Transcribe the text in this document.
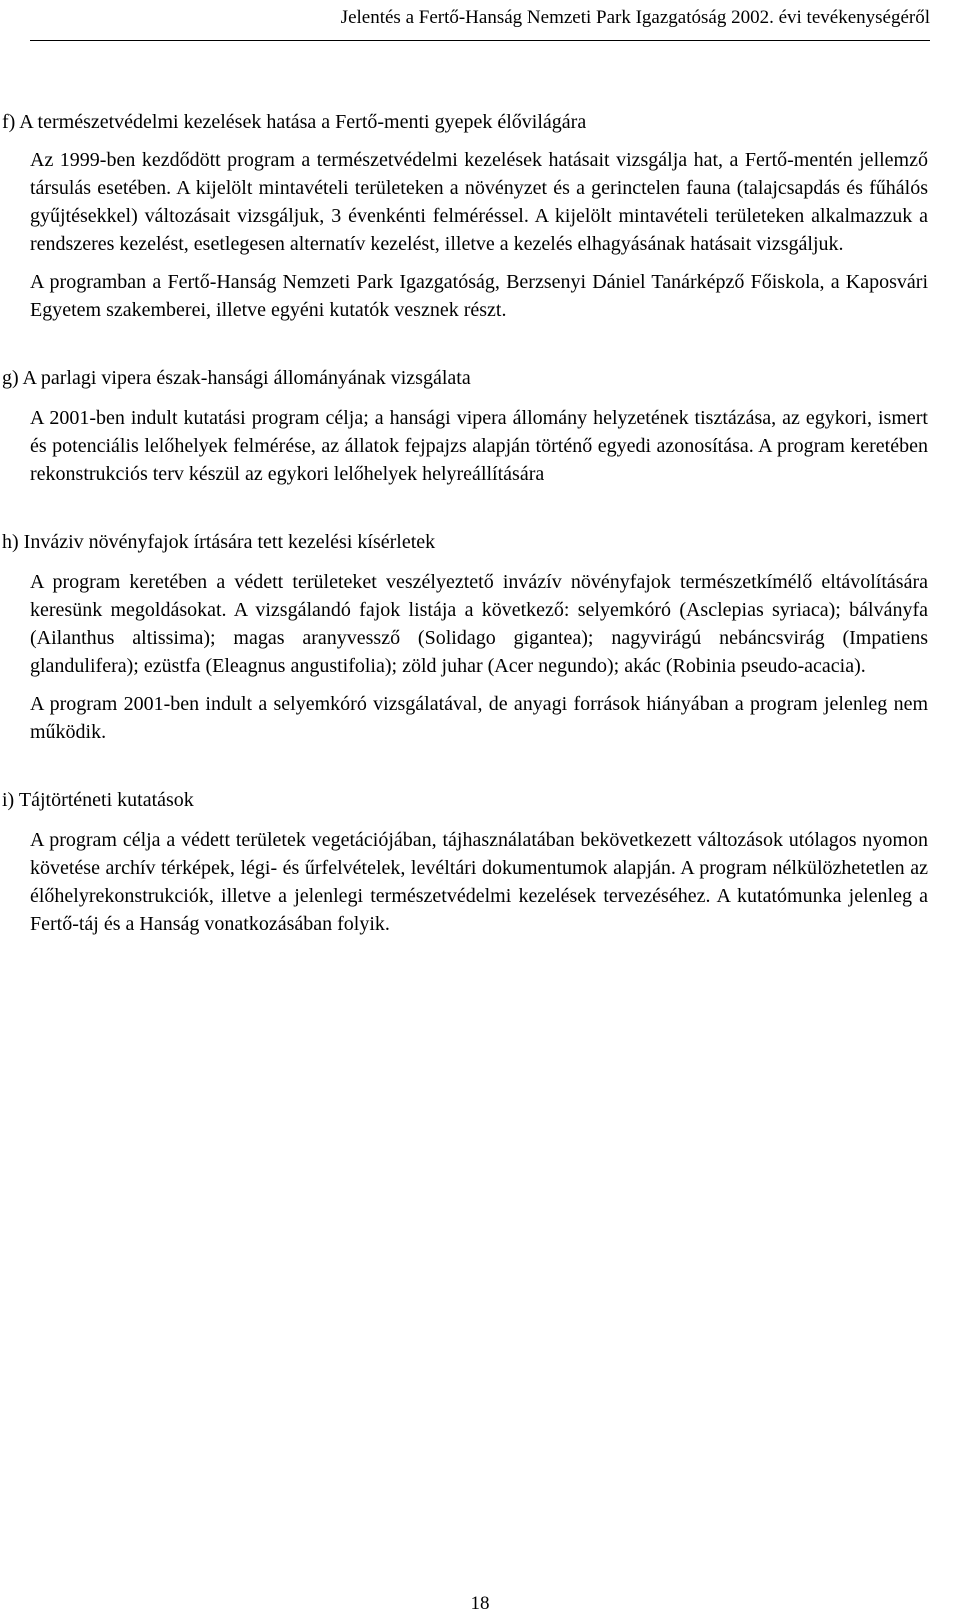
Jelentés a Fertő-Hanság Nemzeti Park Igazgatóság 2002. évi tevékenységéről
f) A természetvédelmi kezelések hatása a Fertő-menti gyepek élővilágára

Az 1999-ben kezdődött program a természetvédelmi kezelések hatásait vizsgálja hat, a Fertő-mentén jellemző társulás esetében. A kijelölt mintavételi területeken a növényzet és a gerinctelen fauna (talajcsapdás és fűhálós gyűjtésekkel) változásait vizsgáljuk, 3 évenkénti felméréssel. A kijelölt mintavételi területeken alkalmazzuk a rendszeres kezelést, esetlegesen alternatív kezelést, illetve a kezelés elhagyásának hatásait vizsgáljuk.

A programban a Fertő-Hanság Nemzeti Park Igazgatóság, Berzsenyi Dániel Tanárképző Főiskola, a Kaposvári Egyetem szakemberei, illetve egyéni kutatók vesznek részt.

g) A parlagi vipera észak-hansági állományának vizsgálata

A 2001-ben indult kutatási program célja; a hansági vipera állomány helyzetének tisztázása, az egykori, ismert és potenciális lelőhelyek felmérése, az állatok fejpajzs alapján történő egyedi azonosítása. A program keretében rekonstrukciós terv készül az egykori lelőhelyek helyreállítására

h) Inváziv növényfajok írtására tett kezelési kísérletek

A program keretében a védett területeket veszélyeztető invázív növényfajok természetkímélő eltávolítására keresünk megoldásokat. A vizsgálandó fajok listája a következő: selyemkóró (Asclepias syriaca); bálványfa (Ailanthus altissima); magas aranyvessző (Solidago gigantea); nagyvirágú nebáncsvirág (Impatiens glandulifera); ezüstfa (Eleagnus angustifolia); zöld juhar (Acer negundo); akác (Robinia pseudo-acacia).

A program 2001-ben indult a selyemkóró vizsgálatával, de anyagi források hiányában a program jelenleg nem működik.

i) Tájtörténeti kutatások

A program célja a védett területek vegetációjában, tájhasználatában bekövetkezett változások utólagos nyomon követése archív térképek, légi- és űrfelvételek, levéltári dokumentumok alapján. A program nélkülözhetetlen az élőhelyrekonstrukciók, illetve a jelenlegi természetvédelmi kezelések tervezéséhez. A kutatómunka jelenleg a Fertő-táj és a Hanság vonatkozásában folyik.

18
